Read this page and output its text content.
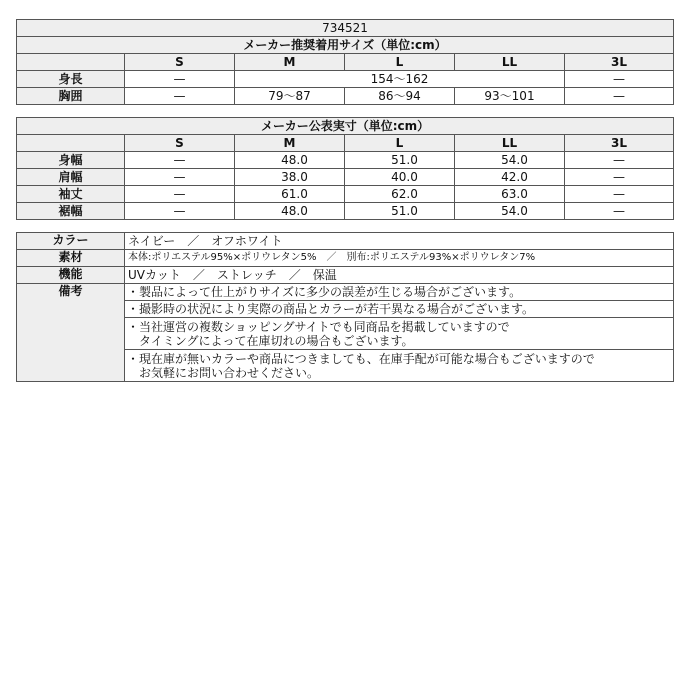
734521					
メーカー推奨着用サイズ（単位:cm）					
	S	M	L	LL	3L
身長	—	154～162			—
胸囲	—	79～87	86～94	93～101	—
メーカー公表実寸（単位:cm）					
	S	M	L	LL	3L
身幅	—	48.0	51.0	54.0	—
肩幅	—	38.0	40.0	42.0	—
袖丈	—	61.0	62.0	63.0	—
裾幅	—	48.0	51.0	54.0	—
カラー	ネイビー　／　オフホワイト
素材	本体:ポリエステル95%×ポリウレタン5%　／　別布:ポリエステル93%×ポリウレタン7%
機能	UVカット　／　ストレッチ　／　保温
備考	・製品によって仕上がりサイズに多少の誤差が生じる場合がございます。
	・撮影時の状況により実際の商品とカラーが若干異なる場合がございます。

	・当社運営の複数ショッピングサイトでも同商品を掲載していますので
　タイミングによって在庫切れの場合もございます。

	・現在庫が無いカラーや商品につきましても、在庫手配が可能な場合もございますので
　お気軽にお問い合わせください。
